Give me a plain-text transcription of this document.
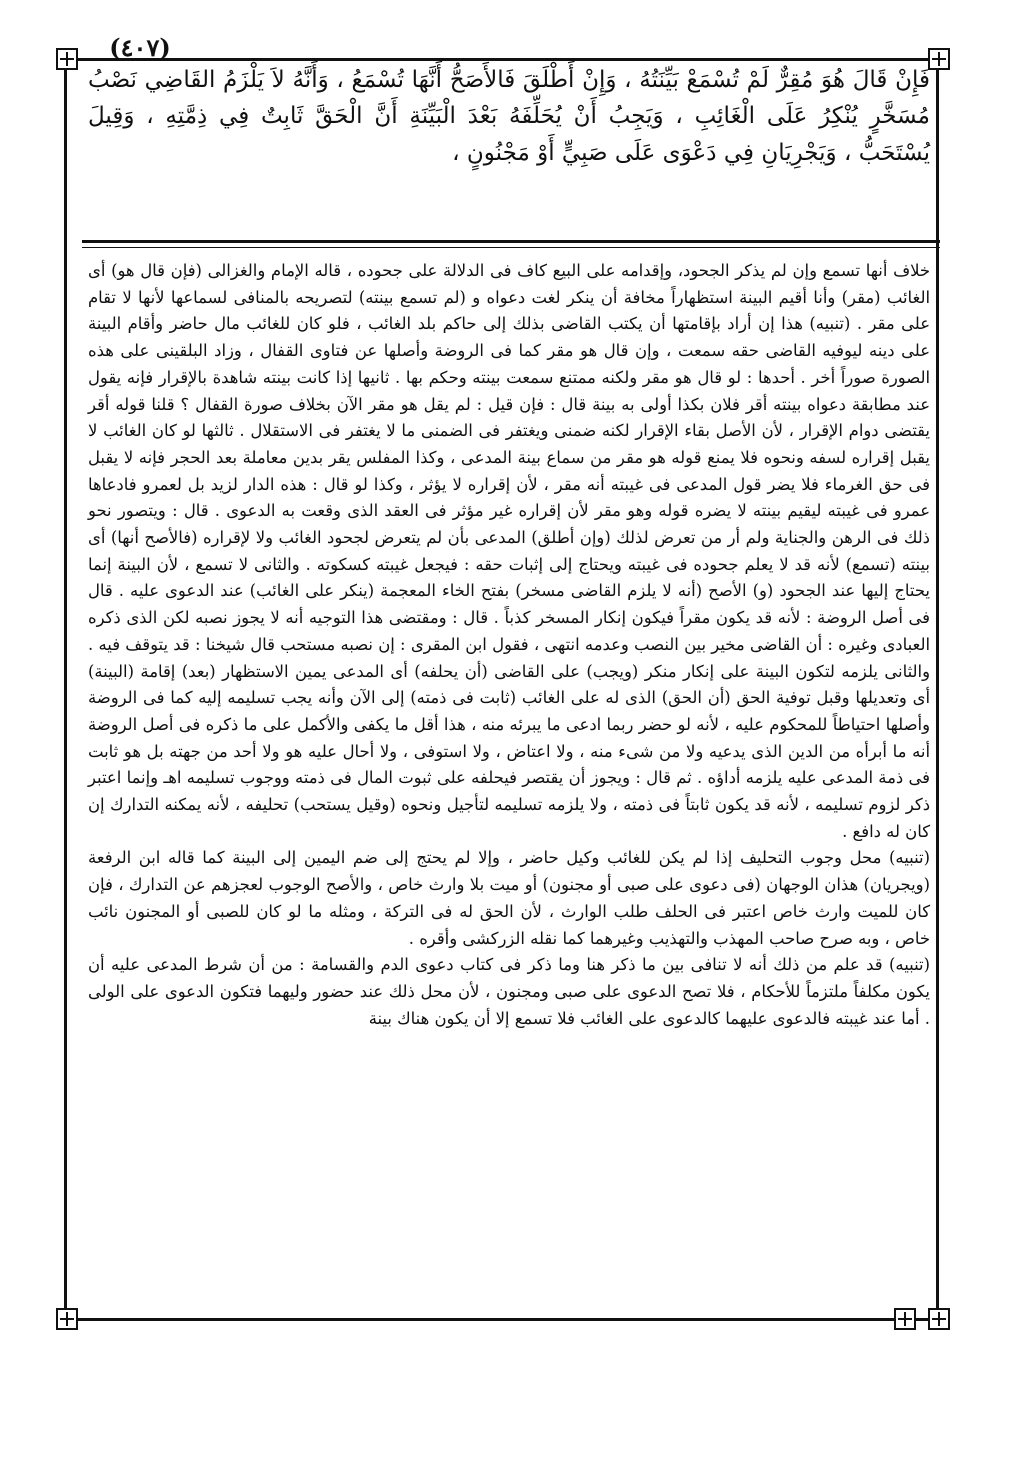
(٤٠٧)
فَإِنْ قَالَ هُوَ مُقِرٌّ لَمْ تُسْمَعْ بَيِّنَتُهُ ، وَإِنْ أَطْلَقَ فَالأَصَحُّ أَنَّهَا تُسْمَعُ ، وَأَنَّهُ لاَ يَلْزَمُ القَاضِي نَصْبُ مُسَخَّرٍ يُنْكِرُ عَلَى الْغَائِبِ ، وَيَجِبُ أَنْ يُحَلِّفَهُ بَعْدَ الْبَيِّنَةِ أَنَّ الْحَقَّ ثَابِتٌ فِي ذِمَّتِهِ ، وَقِيلَ يُسْتَحَبُّ ، وَيَجْرِيَانِ فِي دَعْوَى عَلَى صَبِيٍّ أَوْ مَجْنُونٍ ،

خلاف أنها تسمع وإن لم يذكر الجحود، وإقدامه على البيع كاف فى الدلالة على جحوده ، قاله الإمام والغزالى (فإن قال هو) أى الغائب (مقر) وأنا أقيم البينة استظهاراً مخافة أن ينكر لغت دعواه و (لم تسمع بينته) لتصريحه بالمنافى لسماعها لأنها لا تقام على مقر . (تنبيه) هذا إن أراد بإقامتها أن يكتب القاضى بذلك إلى حاكم بلد الغائب ، فلو كان للغائب مال حاضر وأقام البينة على دينه ليوفيه القاضى حقه سمعت ، وإن قال هو مقر كما فى الروضة وأصلها عن فتاوى القفال ، وزاد البلقينى على هذه الصورة صوراً أخر . أحدها : لو قال هو مقر ولكنه ممتنع سمعت بينته وحكم بها . ثانيها إذا كانت بينته شاهدة بالإقرار فإنه يقول عند مطابقة دعواه بينته أقر فلان بكذا أولى به بينة قال : فإن قيل : لم يقل هو مقر الآن بخلاف صورة القفال ؟ قلنا قوله أقر يقتضى دوام الإقرار ، لأن الأصل بقاء الإقرار لكنه ضمنى ويغتفر فى الضمنى ما لا يغتفر فى الاستقلال . ثالثها لو كان الغائب لا يقبل إقراره لسفه ونحوه فلا يمنع قوله هو مقر من سماع بينة المدعى ، وكذا المفلس يقر بدين معاملة بعد الحجر فإنه لا يقبل فى حق الغرماء فلا يضر قول المدعى فى غيبته أنه مقر ، لأن إقراره لا يؤثر ، وكذا لو قال : هذه الدار لزيد بل لعمرو فادعاها عمرو فى غيبته ليقيم بينته لا يضره قوله وهو مقر لأن إقراره غير مؤثر فى العقد الذى وقعت به الدعوى . قال : ويتصور نحو ذلك فى الرهن والجناية ولم أر من تعرض لذلك (وإن أطلق) المدعى بأن لم يتعرض لجحود الغائب ولا لإقراره (فالأصح أنها) أى بينته (تسمع) لأنه قد لا يعلم جحوده فى غيبته ويحتاج إلى إثبات حقه : فيجعل غيبته كسكوته . والثانى لا تسمع ، لأن البينة إنما يحتاج إليها عند الجحود (و) الأصح (أنه لا يلزم القاضى مسخر) بفتح الخاء المعجمة (ينكر على الغائب) عند الدعوى عليه . قال فى أصل الروضة : لأنه قد يكون مقراً فيكون إنكار المسخر كذباً . قال : ومقتضى هذا التوجيه أنه لا يجوز نصبه لكن الذى ذكره العبادى وغيره : أن القاضى مخير بين النصب وعدمه انتهى ، فقول ابن المقرى : إن نصبه مستحب قال شيخنا : قد يتوقف فيه . والثانى يلزمه لتكون البينة على إنكار منكر (ويجب) على القاضى (أن يحلفه) أى المدعى يمين الاستظهار (بعد) إقامة (البينة) أى وتعديلها وقبل توفية الحق (أن الحق) الذى له على الغائب (ثابت فى ذمته) إلى الآن وأنه يجب تسليمه إليه كما فى الروضة وأصلها احتياطاً للمحكوم عليه ، لأنه لو حضر ربما ادعى ما يبرئه منه ، هذا أقل ما يكفى والأكمل على ما ذكره فى أصل الروضة أنه ما أبرأه من الدين الذى يدعيه ولا من شىء منه ، ولا اعتاض ، ولا استوفى ، ولا أحال عليه هو ولا أحد من جهته بل هو ثابت فى ذمة المدعى عليه يلزمه أداؤه . ثم قال : ويجوز أن يقتصر فيحلفه على ثبوت المال فى ذمته ووجوب تسليمه اهـ وإنما اعتبر ذكر لزوم تسليمه ، لأنه قد يكون ثابتاً فى ذمته ، ولا يلزمه تسليمه لتأجيل ونحوه (وقيل يستحب) تحليفه ، لأنه يمكنه التدارك إن كان له دافع .

(تنبيه) محل وجوب التحليف إذا لم يكن للغائب وكيل حاضر ، وإلا لم يحتج إلى ضم اليمين إلى البينة كما قاله ابن الرفعة (ويجريان) هذان الوجهان (فى دعوى على صبى أو مجنون) أو ميت بلا وارث خاص ، والأصح الوجوب لعجزهم عن التدارك ، فإن كان للميت وارث خاص اعتبر فى الحلف طلب الوارث ، لأن الحق له فى التركة ، ومثله ما لو كان للصبى أو المجنون نائب خاص ، وبه صرح صاحب المهذب والتهذيب وغيرهما كما نقله الزركشى وأقره .

(تنبيه) قد علم من ذلك أنه لا تنافى بين ما ذكر هنا وما ذكر فى كتاب دعوى الدم والقسامة : من أن شرط المدعى عليه أن يكون مكلفاً ملتزماً للأحكام ، فلا تصح الدعوى على صبى ومجنون ، لأن محل ذلك عند حضور وليهما فتكون الدعوى على الولى . أما عند غيبته فالدعوى عليهما كالدعوى على الغائب فلا تسمع إلا أن يكون هناك بينة
